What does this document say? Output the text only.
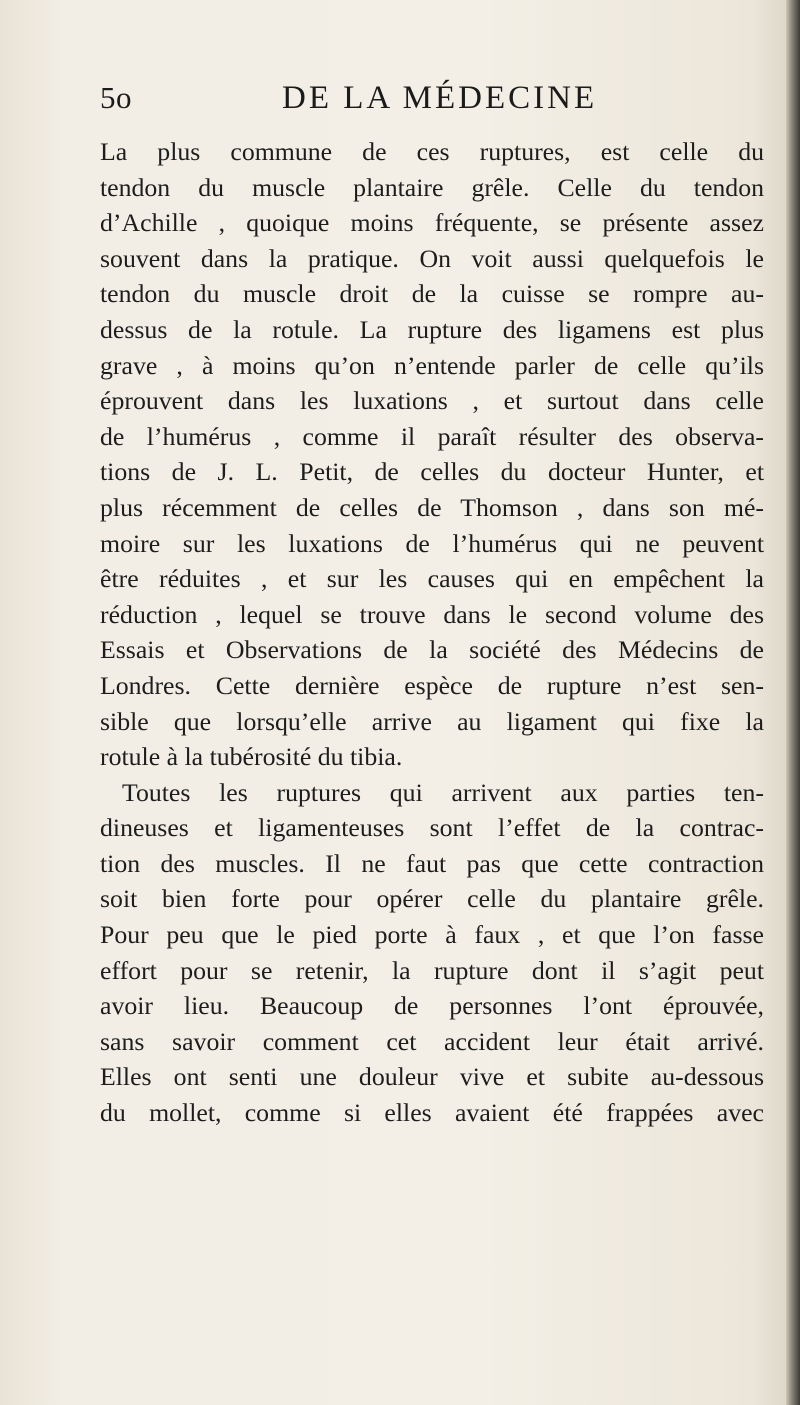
5o	DE LA MÉDECINE
La plus commune de ces ruptures, est celle du
tendon du muscle plantaire grêle. Celle du tendon
d’Achille , quoique moins fréquente, se présente assez
souvent dans la pratique. On voit aussi quelquefois le
tendon du muscle droit de la cuisse se rompre au-
dessus de la rotule. La rupture des ligamens est plus
grave , à moins qu’on n’entende parler de celle qu’ils
éprouvent dans les luxations , et surtout dans celle
de l’humérus , comme il paraît résulter des observa-
tions de J. L. Petit, de celles du docteur Hunter, et
plus récemment de celles de Thomson , dans son mé-
moire sur les luxations de l’humérus qui ne peuvent
être réduites , et sur les causes qui en empêchent la
réduction , lequel se trouve dans le second volume des
Essais et Observations de la société des Médecins de
Londres. Cette dernière espèce de rupture n’est sen-
sible que lorsqu’elle arrive au ligament qui fixe la
rotule à la tubérosité du tibia.
Toutes les ruptures qui arrivent aux parties ten-
dineuses et ligamenteuses sont l’effet de la contrac-
tion des muscles. Il ne faut pas que cette contraction
soit bien forte pour opérer celle du plantaire grêle.
Pour peu que le pied porte à faux , et que l’on fasse
effort pour se retenir, la rupture dont il s’agit peut
avoir lieu. Beaucoup de personnes l’ont éprouvée,
sans savoir comment cet accident leur était arrivé.
Elles ont senti une douleur vive et subite au-dessous
du mollet, comme si elles avaient été frappées avec
